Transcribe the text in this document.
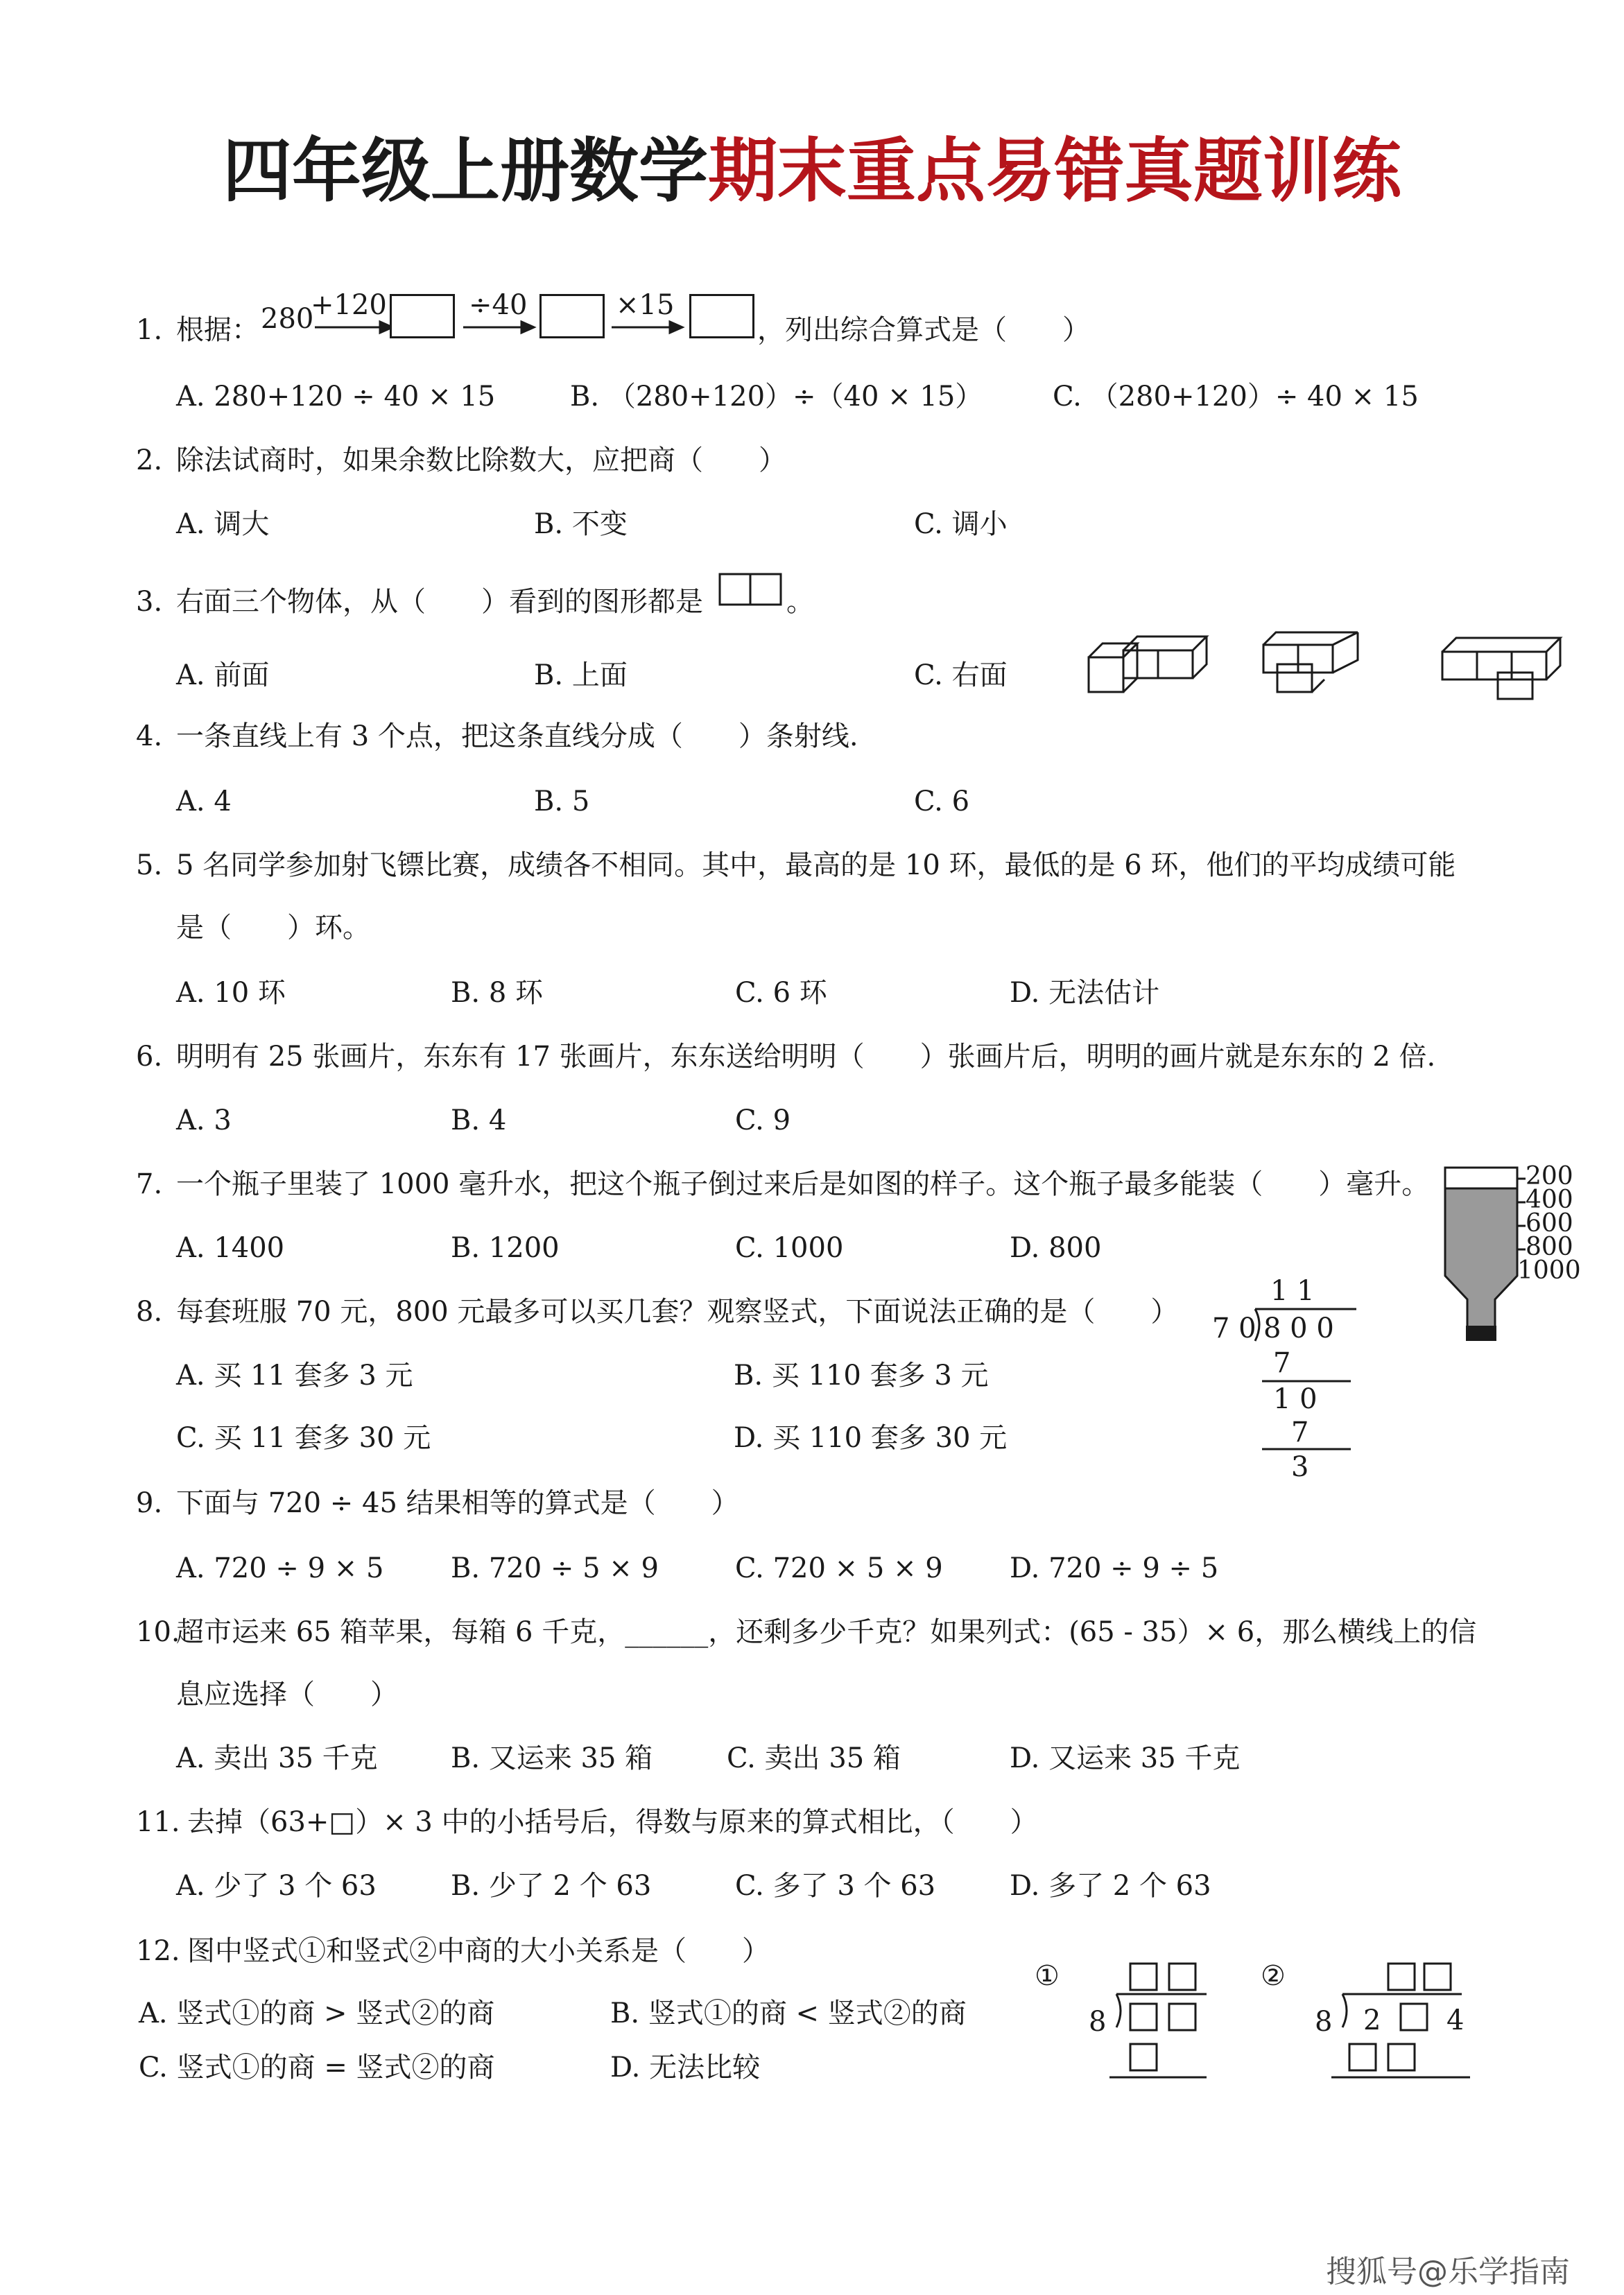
四年级上册数学期末重点易错真题训练
1. 根据： 280
+120	÷40	×15
，列出综合算式是（　　）
A. 280+120 ÷ 40 × 15	B. （280+120）÷（40 × 15）	C. （280+120）÷ 40 × 15
2. 除法试商时，如果余数比除数大，应把商（　　）
A. 调大	B. 不变	C. 调小
3. 右面三个物体，从（　　）看到的图形都是	。
A. 前面	B. 上面	C. 右面
4. 一条直线上有 3 个点，把这条直线分成（　　）条射线.
A. 4	B. 5	C. 6
5. 5 名同学参加射飞镖比赛，成绩各不相同。其中，最高的是 10 环，最低的是 6 环，他们的平均成绩可能
是（　　）环。
A. 10 环	B. 8 环	C. 6 环	D. 无法估计
6. 明明有 25 张画片，东东有 17 张画片，东东送给明明（　　）张画片后，明明的画片就是东东的 2 倍.
A. 3	B. 4	C. 9
7. 一个瓶子里装了 1000 毫升水，把这个瓶子倒过来后是如图的样子。这个瓶子最多能装（　　）毫升。
A. 1400	B. 1200	C. 1000	D. 800
200
400
600
800
1000
8. 每套班服 70 元，800 元最多可以买几套？观察竖式，下面说法正确的是（　　）
A. 买 11 套多 3 元	B. 买 110 套多 3 元
C. 买 11 套多 30 元	D. 买 110 套多 30 元
1 1
7 0 8 0 0
7
1 0
7
3
9. 下面与 720 ÷ 45 结果相等的算式是（　　）
A. 720 ÷ 9 × 5 B. 720 ÷ 5 × 9	C. 720 × 5 × 9 D. 720 ÷ 9 ÷ 5
10.
超市运来 65 箱苹果，每箱 6 千克，______，还剩多少千克？如果列式：(65 - 35）× 6，那么横线上的信
息应选择（　　）
A. 卖出 35 千克	B. 又运来 35 箱	C. 卖出 35 箱	D. 又运来 35 千克
11. 去掉（63+□）× 3 中的小括号后，得数与原来的算式相比，（　　）
A. 少了 3 个 63	B. 少了 2 个 63	C. 多了 3 个 63	D. 多了 2 个 63
12. 图中竖式①和竖式②中商的大小关系是（　　）
A. 竖式①的商 > 竖式②的商	B. 竖式①的商 < 竖式②的商
C. 竖式①的商 = 竖式②的商	D. 无法比较
①	②
8	8 2 4
搜狐号@乐学指南
